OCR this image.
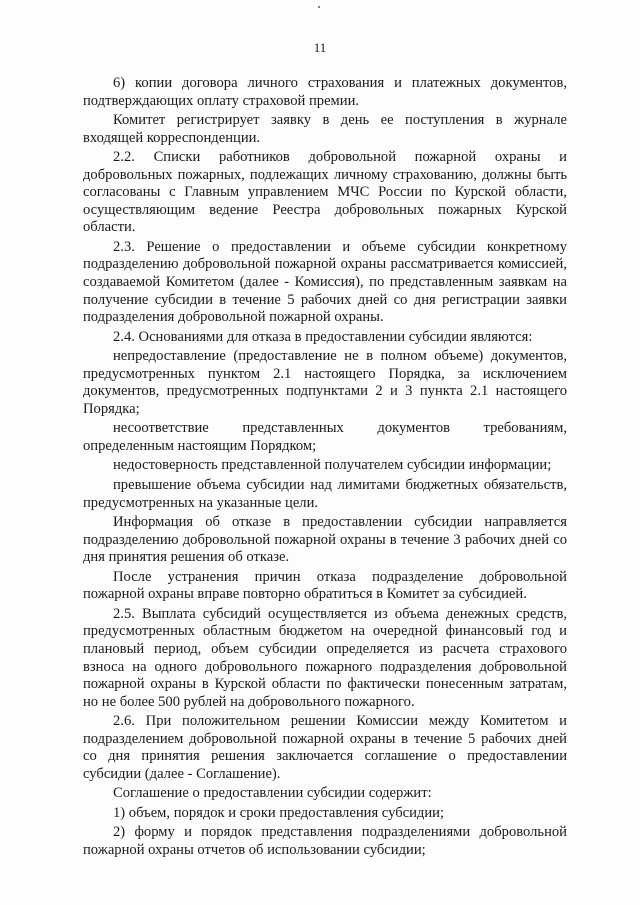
11

6) копии договора личного страхования и платежных документов, подтверждающих оплату страховой премии.

Комитет регистрирует заявку в день ее поступления в журнале входящей корреспонденции.

2.2. Списки работников добровольной пожарной охраны и добровольных пожарных, подлежащих личному страхованию, должны быть согласованы с Главным управлением МЧС России по Курской области, осуществляющим ведение Реестра добровольных пожарных Курской области.

2.3. Решение о предоставлении и объеме субсидии конкретному подразделению добровольной пожарной охраны рассматривается комиссией, создаваемой Комитетом (далее - Комиссия), по представленным заявкам на получение субсидии в течение 5 рабочих дней со дня регистрации заявки подразделения добровольной пожарной охраны.

2.4. Основаниями для отказа в предоставлении субсидии являются:

непредоставление (предоставление не в полном объеме) документов, предусмотренных пунктом 2.1 настоящего Порядка, за исключением документов, предусмотренных подпунктами 2 и 3 пункта 2.1 настоящего Порядка;

несоответствие представленных документов требованиям, определенным настоящим Порядком;

недостоверность представленной получателем субсидии информации;

превышение объема субсидии над лимитами бюджетных обязательств, предусмотренных на указанные цели.

Информация об отказе в предоставлении субсидии направляется подразделению добровольной пожарной охраны в течение 3 рабочих дней со дня принятия решения об отказе.

После устранения причин отказа подразделение добровольной пожарной охраны вправе повторно обратиться в Комитет за субсидией.

2.5. Выплата субсидий осуществляется из объема денежных средств, предусмотренных областным бюджетом на очередной финансовый год и плановый период, объем субсидии определяется из расчета страхового взноса на одного добровольного пожарного подразделения добровольной пожарной охраны в Курской области по фактически понесенным затратам, но не более 500 рублей на добровольного пожарного.

2.6. При положительном решении Комиссии между Комитетом и подразделением добровольной пожарной охраны в течение 5 рабочих дней со дня принятия решения заключается соглашение о предоставлении субсидии (далее - Соглашение).

Соглашение о предоставлении субсидии содержит:

1) объем, порядок и сроки предоставления субсидии;

2) форму и порядок представления подразделениями добровольной пожарной охраны отчетов об использовании субсидии;
